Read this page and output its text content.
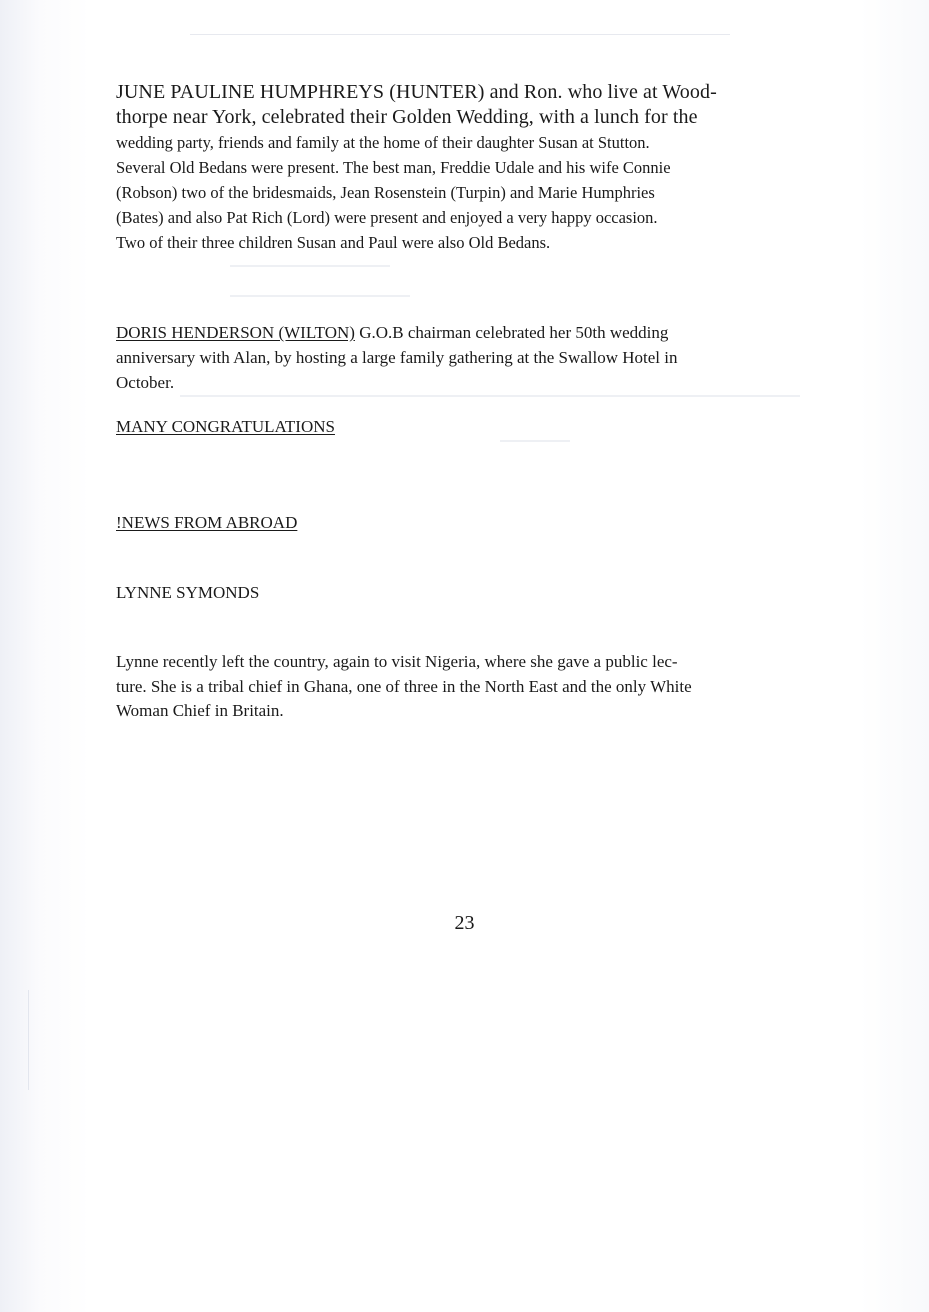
JUNE PAULINE HUMPHREYS (HUNTER) and Ron. who live at Wood-
thorpe near York, celebrated their Golden Wedding, with a lunch for the
wedding party, friends and family at the home of their daughter Susan at Stutton.
Several Old Bedans were present. The best man, Freddie Udale and his wife Connie
(Robson) two of the bridesmaids, Jean Rosenstein (Turpin) and Marie Humphries
(Bates) and also Pat Rich (Lord) were present and enjoyed a very happy occasion.
Two of their three children Susan and Paul were also Old Bedans.
DORIS HENDERSON (WILTON) G.O.B chairman celebrated her 50th wedding
anniversary with Alan, by hosting a large family gathering at the Swallow Hotel in
October.
MANY CONGRATULATIONS
!NEWS FROM ABROAD
LYNNE SYMONDS
Lynne recently left the country, again to visit Nigeria, where she gave a public lec-
ture. She is a tribal chief in Ghana, one of three in the North East and the only White
Woman Chief in Britain.
23
